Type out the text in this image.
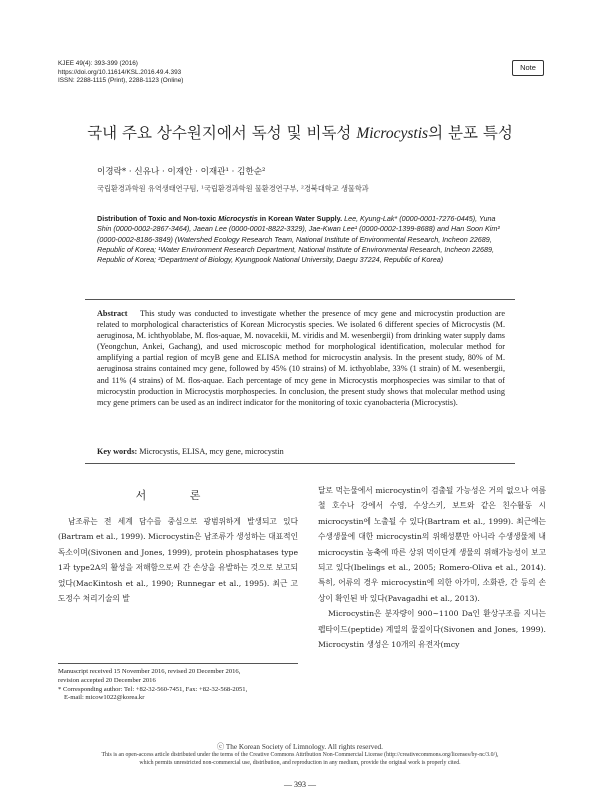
KJEE 49(4): 393-399 (2016)
https://doi.org/10.11614/KSL.2016.49.4.393
ISSN: 2288-1115 (Print), 2288-1123 (Online)
Note
국내 주요 상수원지에서 독성 및 비독성 Microcystis의 분포 특성
이경락* · 신유나 · 이재안 · 이재관¹ · 김한순²
국립환경과학원 유역생태연구팀, ¹국립환경과학원 물환경연구부, ²경북대학교 생물학과
Distribution of Toxic and Non-toxic Microcystis in Korean Water Supply. Lee, Kyung-Lak* (0000-0001-7276-0445), Yuna Shin (0000-0002-2867-3464), Jaean Lee (0000-0001-8822-3329), Jae-Kwan Lee¹ (0000-0002-1399-8688) and Han Soon Kim² (0000-0002-8186-3849) (Watershed Ecology Research Team, National Institute of Environmental Research, Incheon 22689, Republic of Korea; ¹Water Environment Research Department, National Institute of Environmental Research, Incheon 22689, Republic of Korea; ²Department of Biology, Kyungpook National University, Daegu 37224, Republic of Korea)
Abstract This study was conducted to investigate whether the presence of mcy gene and microcystin production are related to morphological characteristics of Korean Microcystis species. We isolated 6 different species of Microcystis (M. aeruginosa, M. ichthyoblabe, M. flos-aquae, M. novacekii, M. viridis and M. wesenbergii) from drinking water supply dams (Yeongchun, Ankei, Gachang), and used microscopic method for morphological identification, molecular method for amplifying a partial region of mcyB gene and ELISA method for microcystin analysis. In the present study, 80% of M. aeruginosa strains contained mcy gene, followed by 45% (10 strains) of M. icthyoblabe, 33% (1 strain) of M. wesenbergii, and 11% (4 strains) of M. flos-aquae. Each percentage of mcy gene in Microcystis morphospecies was similar to that of microcystin production in Microcystis morphospecies. In conclusion, the present study shows that molecular method using mcy gene primers can be used as an indirect indicator for the monitoring of toxic cyanobacteria (Microcystis).
Key words: Microcystis, ELISA, mcy gene, microcystin
서 론
남조류는 전 세계 담수를 중심으로 광범위하게 발생되고 있다(Bartram et al., 1999). Microcystin은 남조류가 생성하는 대표적인 독소이며(Sivonen and Jones, 1999), protein phosphatases type 1과 type2A의 활성을 저해함으로써 간 손상을 유발하는 것으로 보고되었다(MacKintosh et al., 1990; Runnegar et al., 1995). 최근 고도정수 처리기술의 발
달로 먹는물에서 microcystin이 검출될 가능성은 거의 없으나 여름철 호수나 강에서 수영, 수상스키, 보트와 같은 친수활동 시 microcystin에 노출될 수 있다(Bartram et al., 1999). 최근에는 수생생물에 대한 microcystin의 위해성뿐만 아니라 수생생물체 내 microcystin 농축에 따른 상위 먹이단계 생물의 위해가능성이 보고되고 있다(Ibelings et al., 2005; Romero-Oliva et al., 2014). 특히, 어류의 경우 microcystin에 의한 아가미, 소화관, 간 등의 손상이 확인된 바 있다(Pavagadhi et al., 2013).
Microcystin은 분자량이 900~1100 Da인 환상구조를 지니는 펩타이드(peptide) 계열의 물질이다(Sivonen and Jones, 1999). Microcystin 생성은 10개의 유전자(mcy
Manuscript received 15 November 2016, revised 20 December 2016,
revision accepted 20 December 2016
* Corresponding author: Tel: +82-32-560-7451, Fax: +82-32-568-2051,
E-mail: micow1022@korea.kr
ⓒ The Korean Society of Limnology. All rights reserved.
This is an open-access article distributed under the terms of the Creative Commons Attribution Non-Commercial License (http://creativecommons.org/licenses/by-nc/3.0/),
which permits unrestricted non-commercial use, distribution, and reproduction in any medium, provide the original work is properly cited.
— 393 —
